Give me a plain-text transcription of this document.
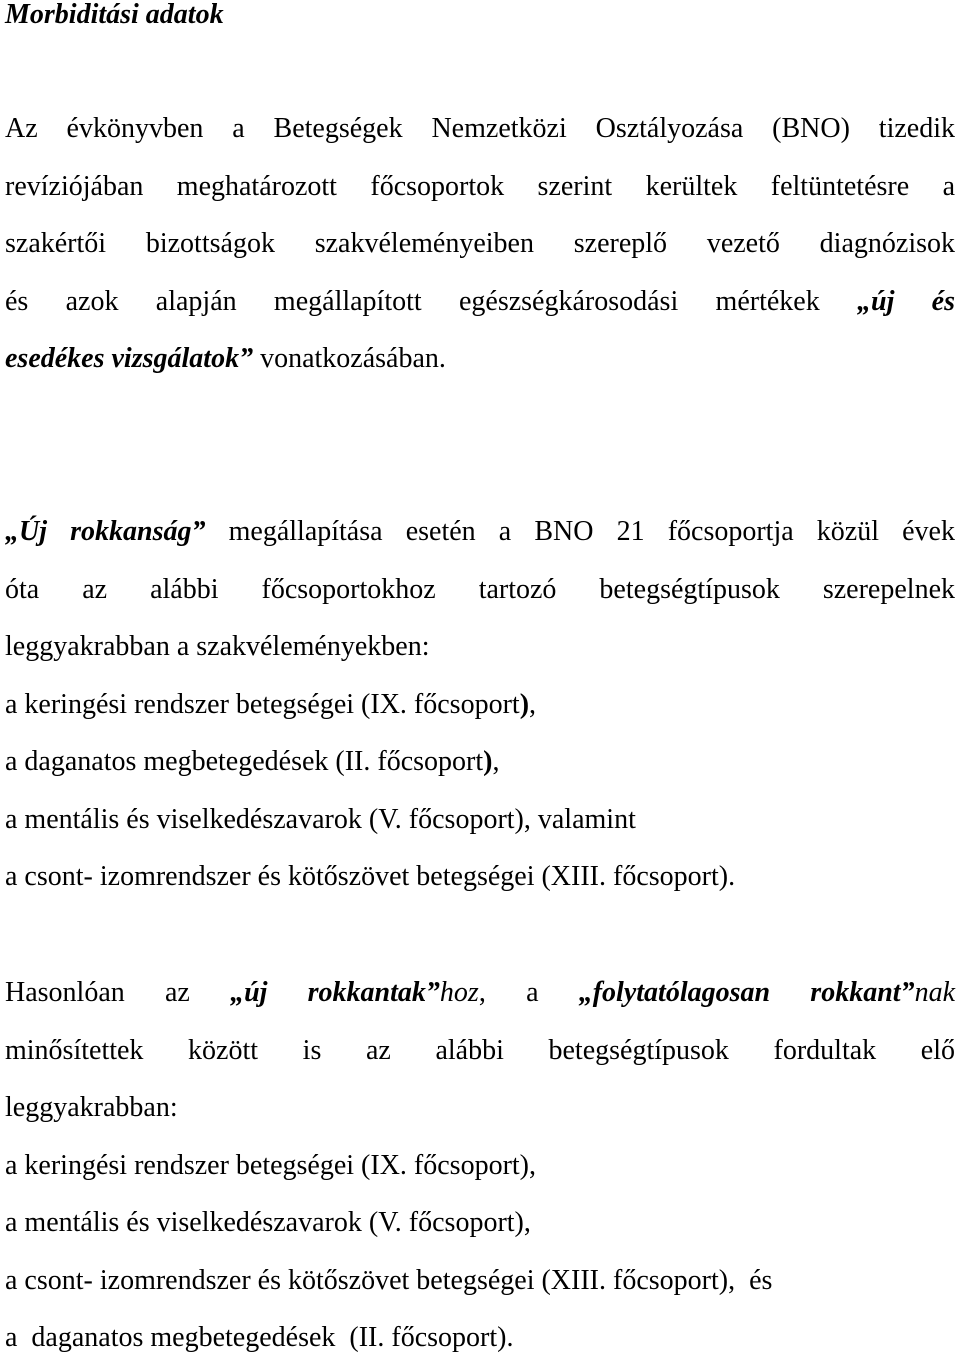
Morbiditási adatok
Az évkönyvben a Betegségek Nemzetközi Osztályozása (BNO) tizedik
revíziójában meghatározott főcsoportok szerint kerültek feltüntetésre a
szakértői bizottságok szakvéleményeiben szereplő vezető diagnózisok
és azok alapján megállapított egészségkárosodási mértékek „új és
esedékes vizsgálatok” vonatkozásában.
„Új rokkanság” megállapítása esetén a BNO 21 főcsoportja közül évek
óta az alábbi főcsoportokhoz tartozó betegségtípusok szerepelnek
leggyakrabban a szakvéleményekben:
a keringési rendszer betegségei (IX. főcsoport),
a daganatos megbetegedések (II. főcsoport),
a mentális és viselkedészavarok (V. főcsoport), valamint
a csont- izomrendszer és kötőszövet betegségei (XIII. főcsoport).
Hasonlóan az „új rokkantak”hoz, a „folytatólagosan rokkant”nak
minősítettek között is az alábbi betegségtípusok fordultak elő
leggyakrabban:
a keringési rendszer betegségei (IX. főcsoport),
a mentális és viselkedészavarok (V. főcsoport),
a csont- izomrendszer és kötőszövet betegségei (XIII. főcsoport),  és
a  daganatos megbetegedések  (II. főcsoport).
